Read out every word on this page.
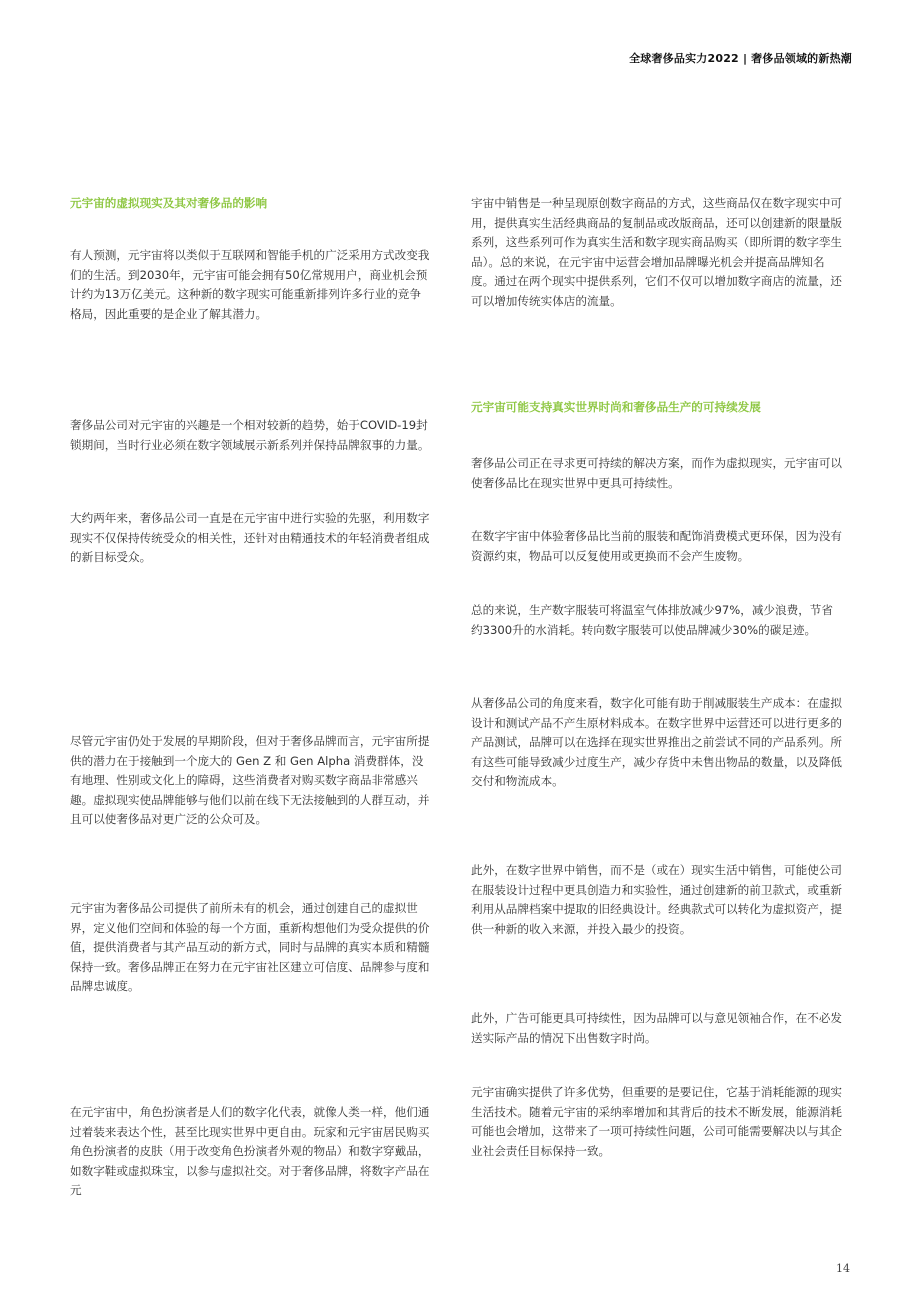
全球奢侈品实力2022 | 奢侈品领域的新热潮
元宇宙的虚拟现实及其对奢侈品的影响

有人预测，元宇宙将以类似于互联网和智能手机的广泛采用方式改变我们的生活。到2030年，元宇宙可能会拥有50亿常规用户，商业机会预计约为13万亿美元。这种新的数字现实可能重新排列许多行业的竞争格局，因此重要的是企业了解其潜力。

奢侈品公司对元宇宙的兴趣是一个相对较新的趋势，始于COVID-19封锁期间，当时行业必须在数字领域展示新系列并保持品牌叙事的力量。

大约两年来，奢侈品公司一直是在元宇宙中进行实验的先驱，利用数字现实不仅保持传统受众的相关性，还针对由精通技术的年轻消费者组成的新目标受众。

尽管元宇宙仍处于发展的早期阶段，但对于奢侈品牌而言，元宇宙所提供的潜力在于接触到一个庞大的 Gen Z 和 Gen Alpha 消费群体，没有地理、性别或文化上的障碍，这些消费者对购买数字商品非常感兴趣。虚拟现实使品牌能够与他们以前在线下无法接触到的人群互动，并且可以使奢侈品对更广泛的公众可及。

元宇宙为奢侈品公司提供了前所未有的机会，通过创建自己的虚拟世界，定义他们空间和体验的每一个方面，重新构想他们为受众提供的价值，提供消费者与其产品互动的新方式，同时与品牌的真实本质和精髓保持一致。奢侈品牌正在努力在元宇宙社区建立可信度、品牌参与度和品牌忠诚度。

在元宇宙中，角色扮演者是人们的数字化代表，就像人类一样，他们通过着装来表达个性，甚至比现实世界中更自由。玩家和元宇宙居民购买角色扮演者的皮肤（用于改变角色扮演者外观的物品）和数字穿戴品，如数字鞋或虚拟珠宝，以参与虚拟社交。对于奢侈品牌，将数字产品在元

宇宙中销售是一种呈现原创数字商品的方式，这些商品仅在数字现实中可用，提供真实生活经典商品的复制品或改版商品，还可以创建新的限量版系列，这些系列可作为真实生活和数字现实商品购买（即所谓的数字孪生品）。总的来说，在元宇宙中运营会增加品牌曝光机会并提高品牌知名度。通过在两个现实中提供系列，它们不仅可以增加数字商店的流量，还可以增加传统实体店的流量。

元宇宙可能支持真实世界时尚和奢侈品生产的可持续发展

奢侈品公司正在寻求更可持续的解决方案，而作为虚拟现实，元宇宙可以使奢侈品比在现实世界中更具可持续性。

在数字宇宙中体验奢侈品比当前的服装和配饰消费模式更环保，因为没有资源约束，物品可以反复使用或更换而不会产生废物。

总的来说，生产数字服装可将温室气体排放减少97%，减少浪费，节省约3300升的水消耗。转向数字服装可以使品牌减少30%的碳足迹。

从奢侈品公司的角度来看，数字化可能有助于削减服装生产成本：在虚拟设计和测试产品不产生原材料成本。在数字世界中运营还可以进行更多的产品测试，品牌可以在选择在现实世界推出之前尝试不同的产品系列。所有这些可能导致减少过度生产，减少存货中未售出物品的数量，以及降低交付和物流成本。

此外，在数字世界中销售，而不是（或在）现实生活中销售，可能使公司在服装设计过程中更具创造力和实验性，通过创建新的前卫款式，或重新利用从品牌档案中提取的旧经典设计。经典款式可以转化为虚拟资产，提供一种新的收入来源，并投入最少的投资。

此外，广告可能更具可持续性，因为品牌可以与意见领袖合作，在不必发送实际产品的情况下出售数字时尚。

元宇宙确实提供了许多优势，但重要的是要记住，它基于消耗能源的现实生活技术。随着元宇宙的采纳率增加和其背后的技术不断发展，能源消耗可能也会增加，这带来了一项可持续性问题，公司可能需要解决以与其企业社会责任目标保持一致。

14
